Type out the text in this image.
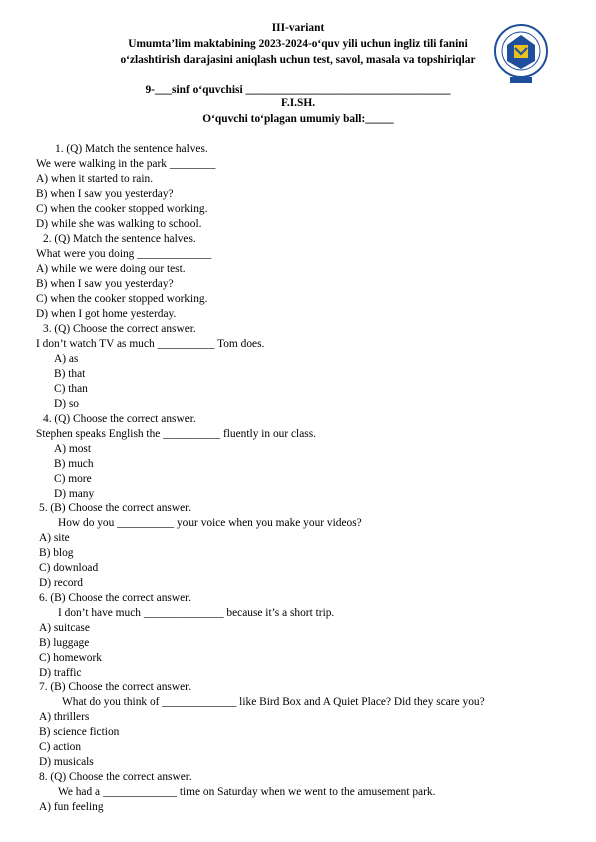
III-variant
Umumta’lim maktabining 2023-2024-o‘quv yili uchun ingliz tili fanini
o‘zlashtirish darajasini aniqlash uchun test, savol, masala va topshiriqlar
9-___sinf o‘quvchisi ____________________________________
F.I.SH.
O‘quvchi to‘plagan umumiy ball:_____
1. (Q) Match the sentence halves.
We were walking in the park ________
A) when it started to rain.
B) when I saw you yesterday?
C) when the cooker stopped working.
D) while she was walking to school.
2. (Q) Match the sentence halves.
What were you doing _____________
A) while we were doing our test.
B) when I saw you yesterday?
C) when the cooker stopped working.
D) when I got home yesterday.
3. (Q) Choose the correct answer.
I don’t watch TV as much __________ Tom does.
A) as
B) that
C) than
D) so
4. (Q) Choose the correct answer.
Stephen speaks English the __________ fluently in our class.
A) most
B) much
C) more
D) many
5. (B) Choose the correct answer.
How do you __________ your voice when you make your videos?
A) site
B) blog
C) download
D) record
6. (B) Choose the correct answer.
I don’t have much ______________ because it’s a short trip.
A) suitcase
B) luggage
C) homework
D) traffic
7. (B) Choose the correct answer.
What do you think of _____________ like Bird Box and A Quiet Place? Did they scare you?
A) thrillers
B) science fiction
C) action
D) musicals
8. (Q) Choose the correct answer.
We had a _____________ time on Saturday when we went to the amusement park.
A) fun feeling
